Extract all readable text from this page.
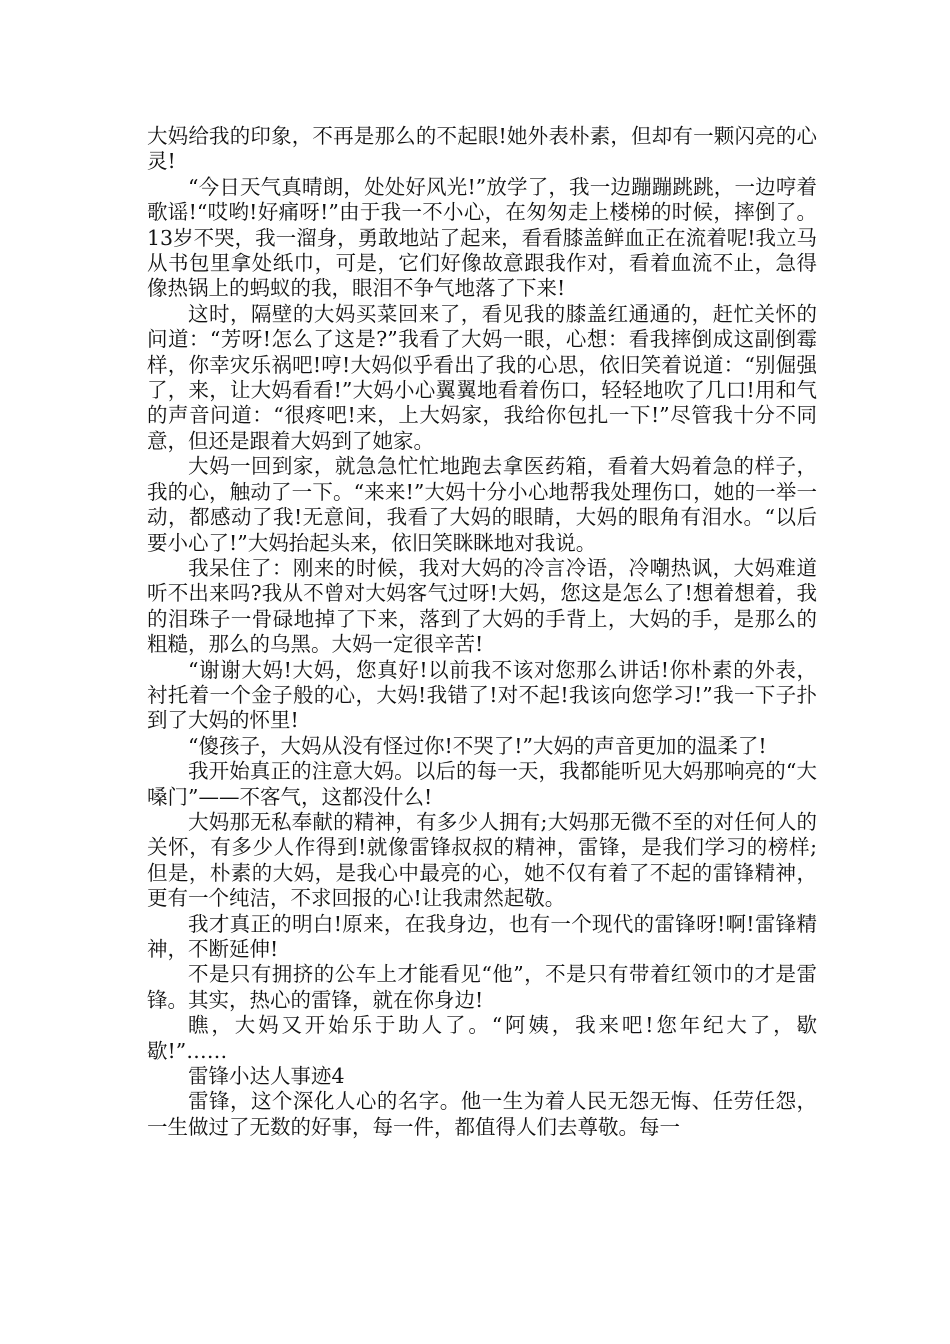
大妈给我的印象，不再是那么的不起眼!她外表朴素，但却有一颗闪亮的心灵!

“今日天气真晴朗，处处好风光!”放学了，我一边蹦蹦跳跳，一边哼着歌谣!“哎哟!好痛呀!”由于我一不小心，在匆匆走上楼梯的时候，摔倒了。13岁不哭，我一溜身，勇敢地站了起来，看看膝盖鲜血正在流着呢!我立马从书包里拿处纸巾，可是，它们好像故意跟我作对，看着血流不止，急得像热锅上的蚂蚁的我，眼泪不争气地落了下来!

这时，隔壁的大妈买菜回来了，看见我的膝盖红通通的，赶忙关怀的问道：“芳呀!怎么了这是?”我看了大妈一眼，心想：看我摔倒成这副倒霉样，你幸灾乐祸吧!哼!大妈似乎看出了我的心思，依旧笑着说道：“别倔强了，来，让大妈看看!”大妈小心翼翼地看着伤口，轻轻地吹了几口!用和气的声音问道：“很疼吧!来，上大妈家，我给你包扎一下!”尽管我十分不同意，但还是跟着大妈到了她家。

大妈一回到家，就急急忙忙地跑去拿医药箱，看着大妈着急的样子，我的心，触动了一下。“来来!”大妈十分小心地帮我处理伤口，她的一举一动，都感动了我!无意间，我看了大妈的眼睛，大妈的眼角有泪水。“以后要小心了!”大妈抬起头来，依旧笑眯眯地对我说。

我呆住了：刚来的时候，我对大妈的冷言冷语，冷嘲热讽，大妈难道听不出来吗?我从不曾对大妈客气过呀!大妈，您这是怎么了!想着想着，我的泪珠子一骨碌地掉了下来，落到了大妈的手背上，大妈的手，是那么的粗糙，那么的乌黑。大妈一定很辛苦!

“谢谢大妈!大妈，您真好!以前我不该对您那么讲话!你朴素的外表，衬托着一个金子般的心，大妈!我错了!对不起!我该向您学习!”我一下子扑到了大妈的怀里!

“傻孩子，大妈从没有怪过你!不哭了!”大妈的声音更加的温柔了!

我开始真正的注意大妈。以后的每一天，我都能听见大妈那响亮的“大嗓门”——不客气，这都没什么!

大妈那无私奉献的精神，有多少人拥有;大妈那无微不至的对任何人的关怀，有多少人作得到!就像雷锋叔叔的精神，雷锋，是我们学习的榜样;但是，朴素的大妈，是我心中最亮的心，她不仅有着了不起的雷锋精神，更有一个纯洁，不求回报的心!让我肃然起敬。

我才真正的明白!原来，在我身边，也有一个现代的雷锋呀!啊!雷锋精神，不断延伸!

不是只有拥挤的公车上才能看见“他”，不是只有带着红领巾的才是雷锋。其实，热心的雷锋，就在你身边!

瞧，大妈又开始乐于助人了。“阿姨，我来吧!您年纪大了，歇歇!”……

雷锋小达人事迹4

雷锋，这个深化人心的名字。他一生为着人民无怨无悔、任劳任怨，一生做过了无数的好事，每一件，都值得人们去尊敬。每一
